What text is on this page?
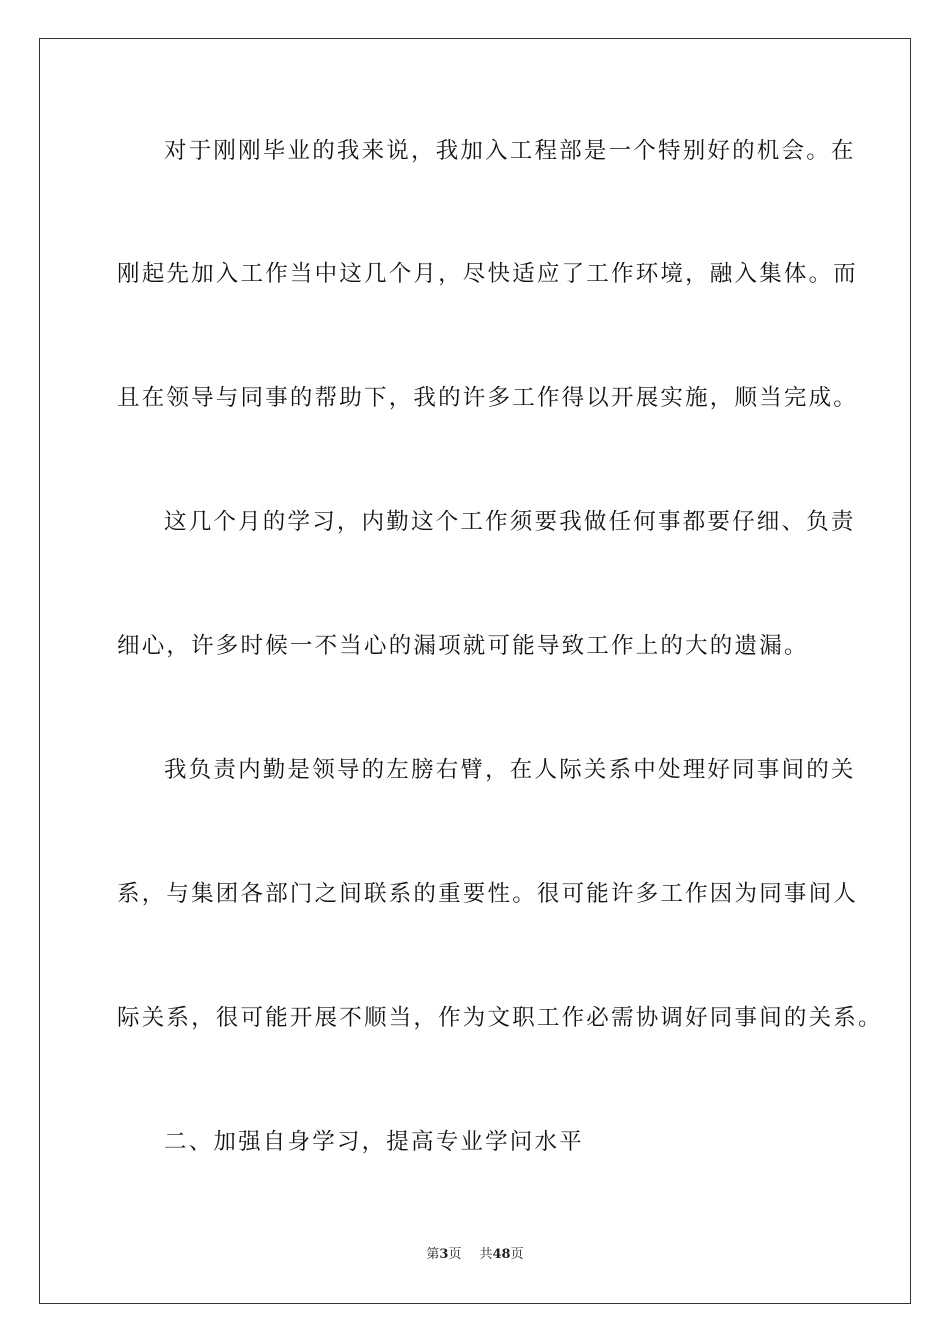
对于刚刚毕业的我来说，我加入工程部是一个特别好的机会。在
刚起先加入工作当中这几个月，尽快适应了工作环境，融入集体。而
且在领导与同事的帮助下，我的许多工作得以开展实施，顺当完成。
这几个月的学习，内勤这个工作须要我做任何事都要仔细、负责
细心，许多时候一不当心的漏项就可能导致工作上的大的遗漏。
我负责内勤是领导的左膀右臂，在人际关系中处理好同事间的关
系，与集团各部门之间联系的重要性。很可能许多工作因为同事间人
际关系，很可能开展不顺当，作为文职工作必需协调好同事间的关系。
二、加强自身学习，提高专业学问水平
第3页 共48页
